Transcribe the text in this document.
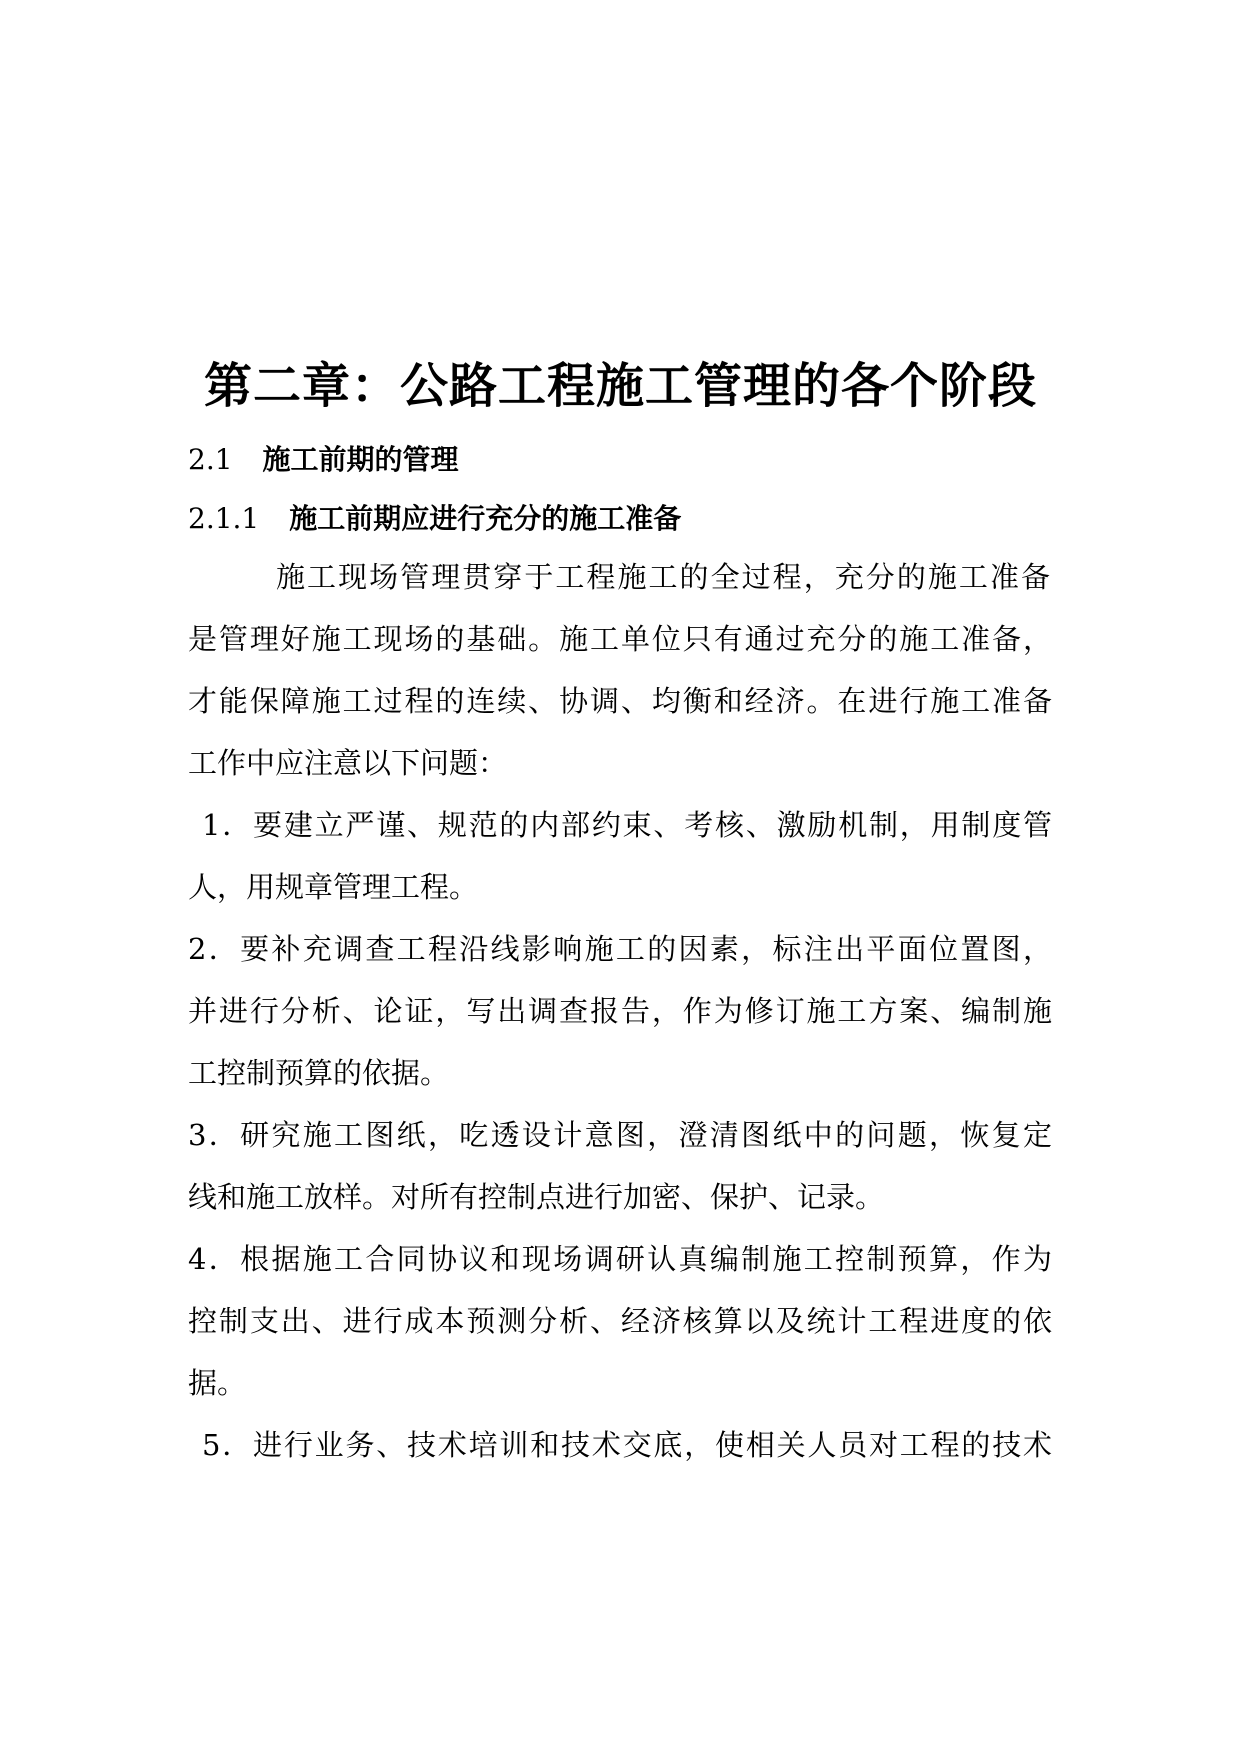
第二章：公路工程施工管理的各个阶段
2.1 施工前期的管理
2.1.1 施工前期应进行充分的施工准备
施工现场管理贯穿于工程施工的全过程，充分的施工准备
是管理好施工现场的基础。施工单位只有通过充分的施工准备，
才能保障施工过程的连续、协调、均衡和经济。在进行施工准备
工作中应注意以下问题：
1．要建立严谨、规范的内部约束、考核、激励机制，用制度管
人，用规章管理工程。
2．要补充调查工程沿线影响施工的因素，标注出平面位置图，
并进行分析、论证，写出调查报告，作为修订施工方案、编制施
工控制预算的依据。
3．研究施工图纸，吃透设计意图，澄清图纸中的问题，恢复定
线和施工放样。对所有控制点进行加密、保护、记录。
4．根据施工合同协议和现场调研认真编制施工控制预算，作为
控制支出、进行成本预测分析、经济核算以及统计工程进度的依
据。
5．进行业务、技术培训和技术交底，使相关人员对工程的技术
